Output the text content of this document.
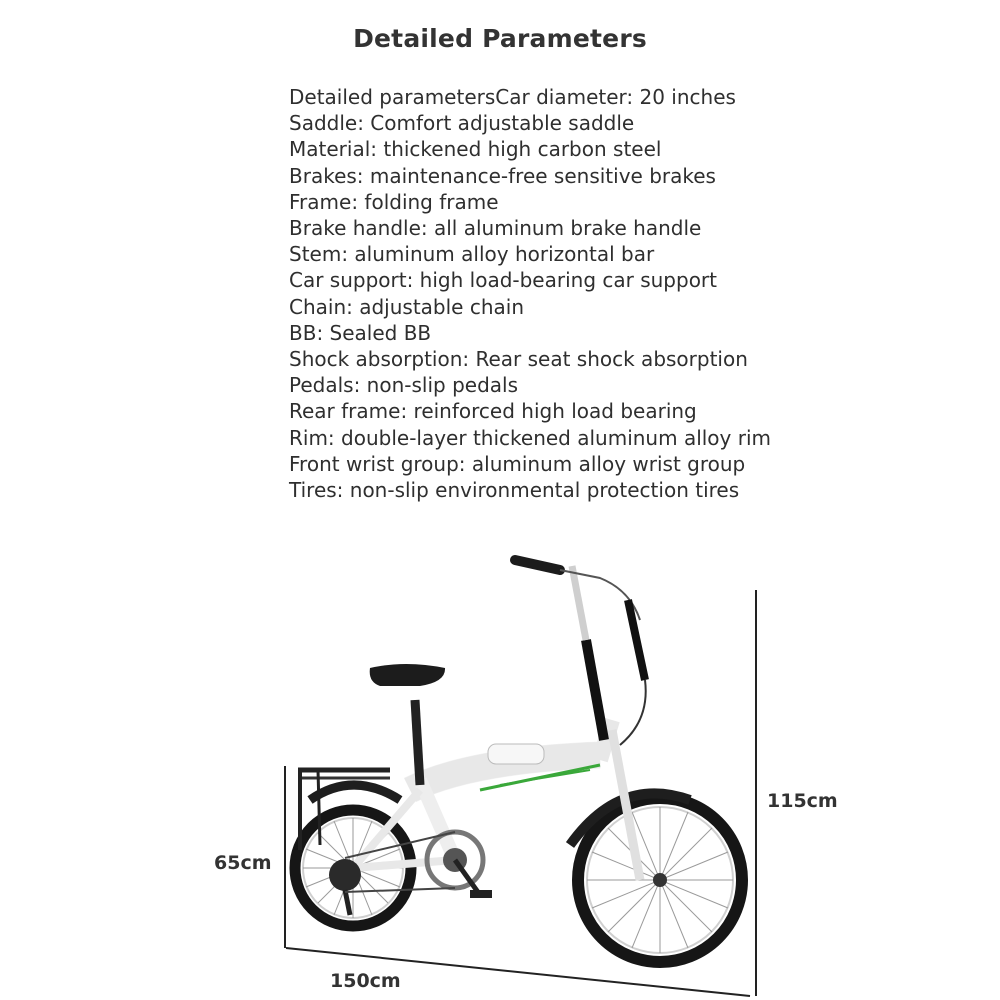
Detailed Parameters
Detailed parametersCar diameter: 20 inches
Saddle: Comfort adjustable saddle
Material: thickened high carbon steel
Brakes: maintenance-free sensitive brakes
Frame: folding frame
Brake handle: all aluminum brake handle
Stem: aluminum alloy horizontal bar
Car support: high load-bearing car support
Chain: adjustable chain
BB: Sealed BB
Shock absorption: Rear seat shock absorption
Pedals: non-slip pedals
Rear frame: reinforced high load bearing
Rim: double-layer thickened aluminum alloy rim
Front wrist group: aluminum alloy wrist group
Tires: non-slip environmental protection tires
115cm
65cm
150cm
